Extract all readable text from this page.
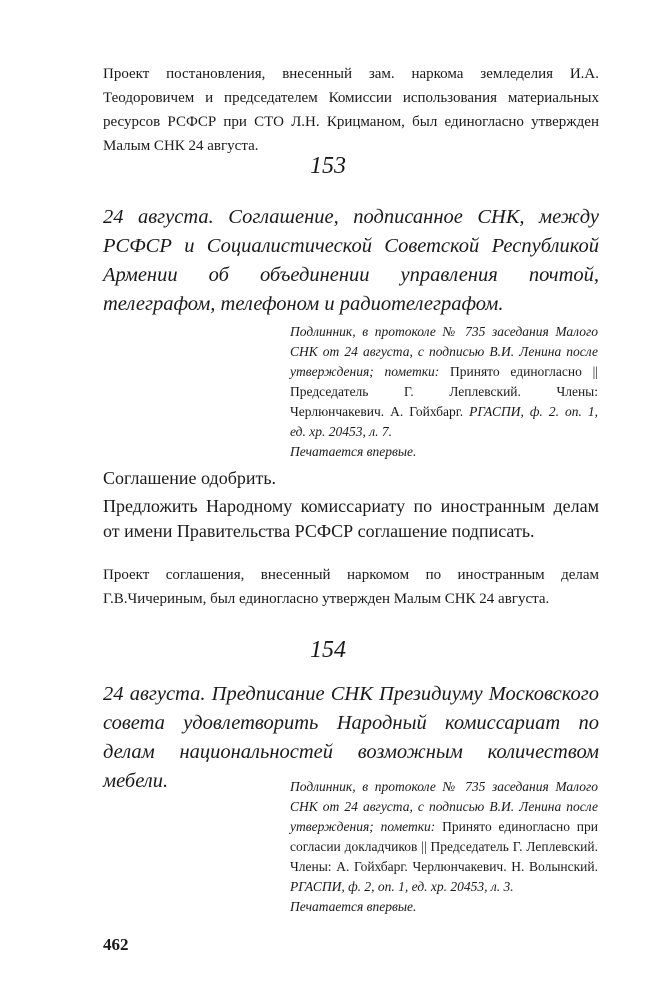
Проект постановления, внесенный зам. наркома земледелия И.А. Теодоровичем и председателем Комиссии использования материальных ресурсов РСФСР при СТО Л.Н. Крицманом, был единогласно утвержден Малым СНК 24 августа.
153
24 августа. Соглашение, подписанное СНК, между РСФСР и Социалистической Советской Республикой Армении об объединении управления почтой, телеграфом, телефоном и радиотелеграфом.
Подлинник, в протоколе № 735 заседания Малого СНК от 24 августа, с подписью В.И. Ленина после утверждения; пометки: Принято единогласно || Председатель Г. Леплевский. Члены: Черлюнчакевич. А. Гойхбарг. РГАСПИ, ф. 2. оп. 1, ед. хр. 20453, л. 7.
Печатается впервые.

Соглашение одобрить.

Предложить Народному комиссариату по иностранным делам от имени Правительства РСФСР соглашение подписать.

Проект соглашения, внесенный наркомом по иностранным делам Г.В.Чичериным, был единогласно утвержден Малым СНК 24 августа.
154
24 августа. Предписание СНК Президиуму Московского совета удовлетворить Народный комиссариат по делам национальностей возможным количеством мебели.	Подлинник, в протоколе № 735 заседания Малого СНК от 24 августа, с подписью В.И. Ленина после утверждения; пометки: Принято единогласно при согласии докладчиков || Председатель Г. Леплевский. Члены: А. Гойхбарг. Черлюнчакевич. Н. Волынский. РГАСПИ, ф. 2, оп. 1, ед. хр. 20453, л. 3.
Печатается впервые.
462
